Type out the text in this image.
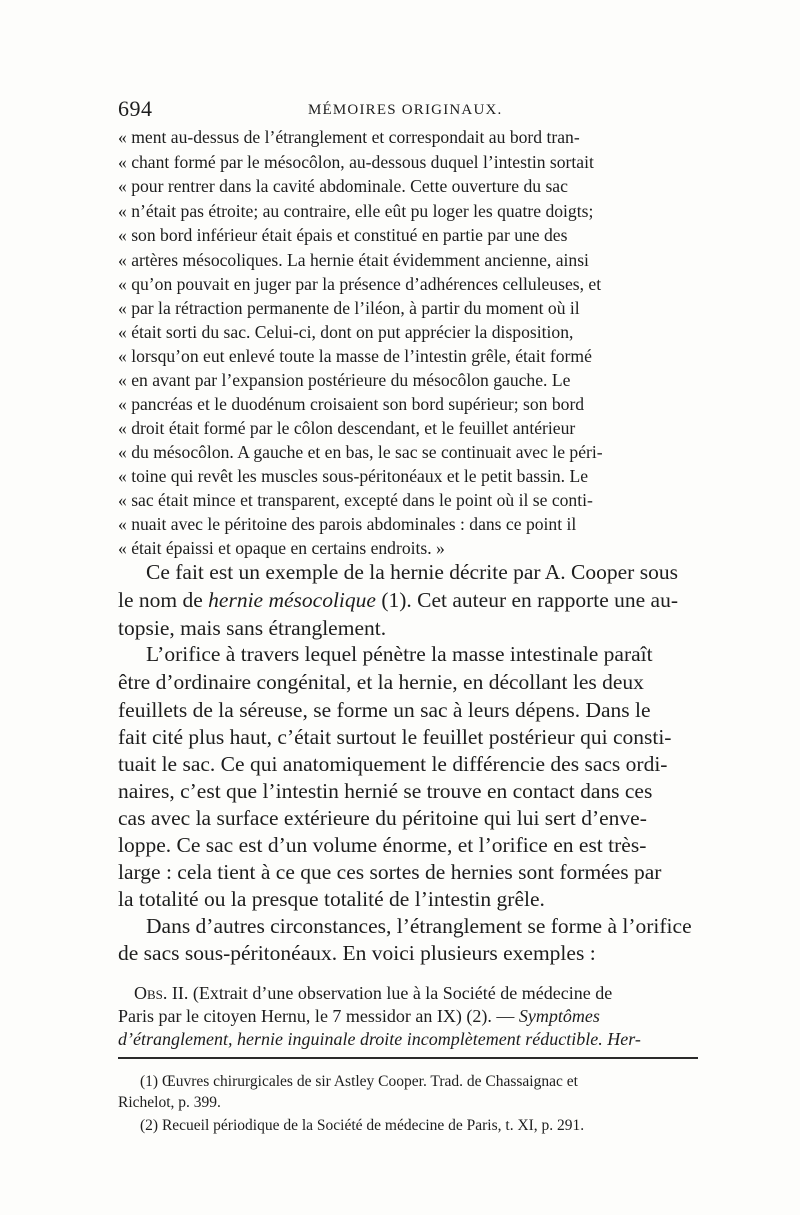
694	MÉMOIRES ORIGINAUX.
« ment au-dessus de l’étranglement et correspondait au bord tran-
« chant formé par le mésocôlon, au-dessous duquel l’intestin sortait
« pour rentrer dans la cavité abdominale. Cette ouverture du sac
« n’était pas étroite; au contraire, elle eût pu loger les quatre doigts;
« son bord inférieur était épais et constitué en partie par une des
« artères mésocoliques. La hernie était évidemment ancienne, ainsi
« qu’on pouvait en juger par la présence d’adhérences celluleuses, et
« par la rétraction permanente de l’iléon, à partir du moment où il
« était sorti du sac. Celui-ci, dont on put apprécier la disposition,
« lorsqu’on eut enlevé toute la masse de l’intestin grêle, était formé
« en avant par l’expansion postérieure du mésocôlon gauche. Le
« pancréas et le duodénum croisaient son bord supérieur; son bord
« droit était formé par le côlon descendant, et le feuillet antérieur
« du mésocôlon. A gauche et en bas, le sac se continuait avec le péri-
« toine qui revêt les muscles sous-péritonéaux et le petit bassin. Le
« sac était mince et transparent, excepté dans le point où il se conti-
« nuait avec le péritoine des parois abdominales : dans ce point il
« était épaissi et opaque en certains endroits. »
Ce fait est un exemple de la hernie décrite par A. Cooper sous
le nom de hernie mésocolique (1). Cet auteur en rapporte une au-
topsie, mais sans étranglement.
L’orifice à travers lequel pénètre la masse intestinale paraît
être d’ordinaire congénital, et la hernie, en décollant les deux
feuillets de la séreuse, se forme un sac à leurs dépens. Dans le
fait cité plus haut, c’était surtout le feuillet postérieur qui consti-
tuait le sac. Ce qui anatomiquement le différencie des sacs ordi-
naires, c’est que l’intestin hernié se trouve en contact dans ces
cas avec la surface extérieure du péritoine qui lui sert d’enve-
loppe. Ce sac est d’un volume énorme, et l’orifice en est très-
large : cela tient à ce que ces sortes de hernies sont formées par
la totalité ou la presque totalité de l’intestin grêle.
Dans d’autres circonstances, l’étranglement se forme à l’orifice
de sacs sous-péritonéaux. En voici plusieurs exemples :
Obs. II. (Extrait d’une observation lue à la Société de médecine de
Paris par le citoyen Hernu, le 7 messidor an IX) (2). — Symptômes
d’étranglement, hernie inguinale droite incomplètement réductible. Her-
(1) Œuvres chirurgicales de sir Astley Cooper. Trad. de Chassaignac et
Richelot, p. 399.
(2) Recueil périodique de la Société de médecine de Paris, t. XI, p. 291.
